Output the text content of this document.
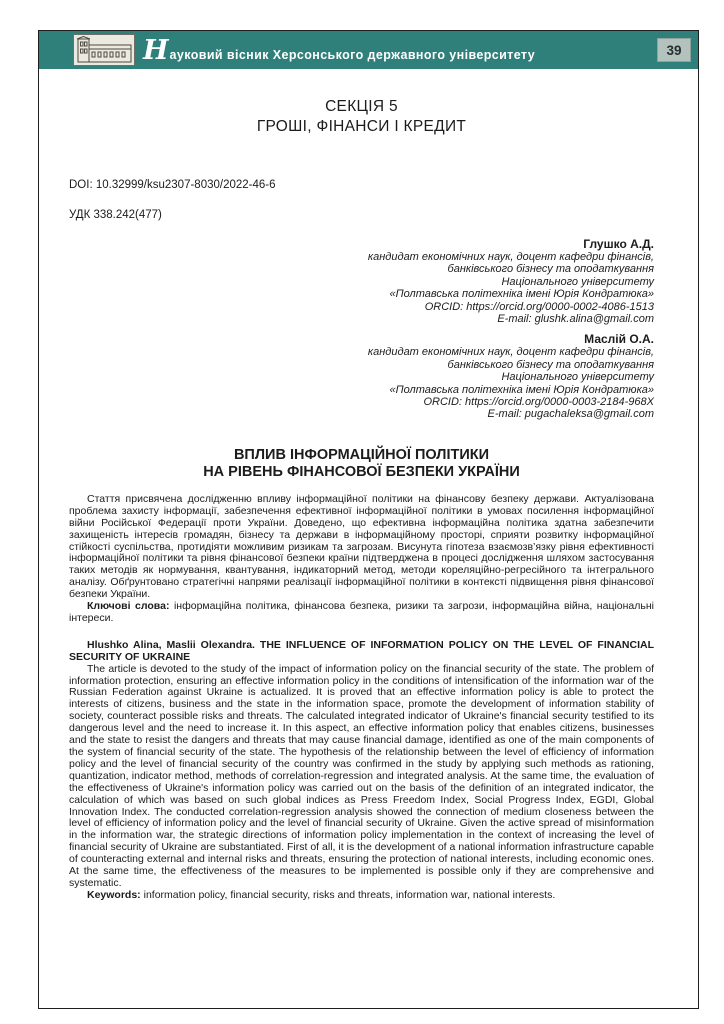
Н ауковий вісник Херсонського державного університету	39
СЕКЦІЯ 5
ГРОШІ, ФІНАНСИ І КРЕДИТ
DOI: 10.32999/ksu2307-8030/2022-46-6
УДК 338.242(477)
Глушко А.Д.
кандидат економічних наук, доцент кафедри фінансів,
банківського бізнесу та оподаткування
Національного університету
«Полтавська політехніка імені Юрія Кондратюка»
ORCID: https://orcid.org/0000-0002-4086-1513
E-mail: glushk.alina@gmail.com
Маслій О.А.
кандидат економічних наук, доцент кафедри фінансів,
банківського бізнесу та оподаткування
Національного університету
«Полтавська політехніка імені Юрія Кондратюка»
ORCID: https://orcid.org/0000-0003-2184-968X
E-mail: pugachaleksa@gmail.com
ВПЛИВ ІНФОРМАЦІЙНОЇ ПОЛІТИКИ
НА РІВЕНЬ ФІНАНСОВОЇ БЕЗПЕКИ УКРАЇНИ

Стаття присвячена дослідженню впливу інформаційної політики на фінансову безпеку держави. Актуалізована проблема захисту інформації, забезпечення ефективної інформаційної політики в умовах посилення інформаційної війни Російської Федерації проти України. Доведено, що ефективна інформаційна політика здатна забезпечити захищеність інтересів громадян, бізнесу та держави в інформаційному просторі, сприяти розвитку інформаційної стійкості суспільства, протидіяти можливим ризикам та загрозам. Висунута гіпотеза взаємозв’язку рівня ефективності інформаційної політики та рівня фінансової безпеки країни підтверджена в процесі дослідження шляхом застосування таких методів як нормування, квантування, індикаторний метод, методи кореляційно-регресійного та інтегрального аналізу. Обґрунтовано стратегічні напрями реалізації інформаційної політики в контексті підвищення рівня фінансової безпеки України.

Ключові слова: інформаційна політика, фінансова безпека, ризики та загрози, інформаційна війна, національні інтереси.

Hlushko Alina, Maslii Olexandra. THE INFLUENCE OF INFORMATION POLICY ON THE LEVEL OF FINANCIAL SECURITY OF UKRAINE

The article is devoted to the study of the impact of information policy on the financial security of the state. The problem of information protection, ensuring an effective information policy in the conditions of intensification of the information war of the Russian Federation against Ukraine is actualized. It is proved that an effective information policy is able to protect the interests of citizens, business and the state in the information space, promote the development of information stability of society, counteract possible risks and threats. The calculated integrated indicator of Ukraine's financial security testified to its dangerous level and the need to increase it. In this aspect, an effective information policy that enables citizens, businesses and the state to resist the dangers and threats that may cause financial damage, identified as one of the main components of the system of financial security of the state. The hypothesis of the relationship between the level of efficiency of information policy and the level of financial security of the country was confirmed in the study by applying such methods as rationing, quantization, indicator method, methods of correlation-regression and integrated analysis. At the same time, the evaluation of the effectiveness of Ukraine's information policy was carried out on the basis of the definition of an integrated indicator, the calculation of which was based on such global indices as Press Freedom Index, Social Progress Index, EGDI, Global Innovation Index. The conducted correlation-regression analysis showed the connection of medium closeness between the level of efficiency of information policy and the level of financial security of Ukraine. Given the active spread of misinformation in the information war, the strategic directions of information policy implementation in the context of increasing the level of financial security of Ukraine are substantiated. First of all, it is the development of a national information infrastructure capable of counteracting external and internal risks and threats, ensuring the protection of national interests, including economic ones. At the same time, the effectiveness of the measures to be implemented is possible only if they are comprehensive and systematic.

Keywords: information policy, financial security, risks and threats, information war, national interests.
